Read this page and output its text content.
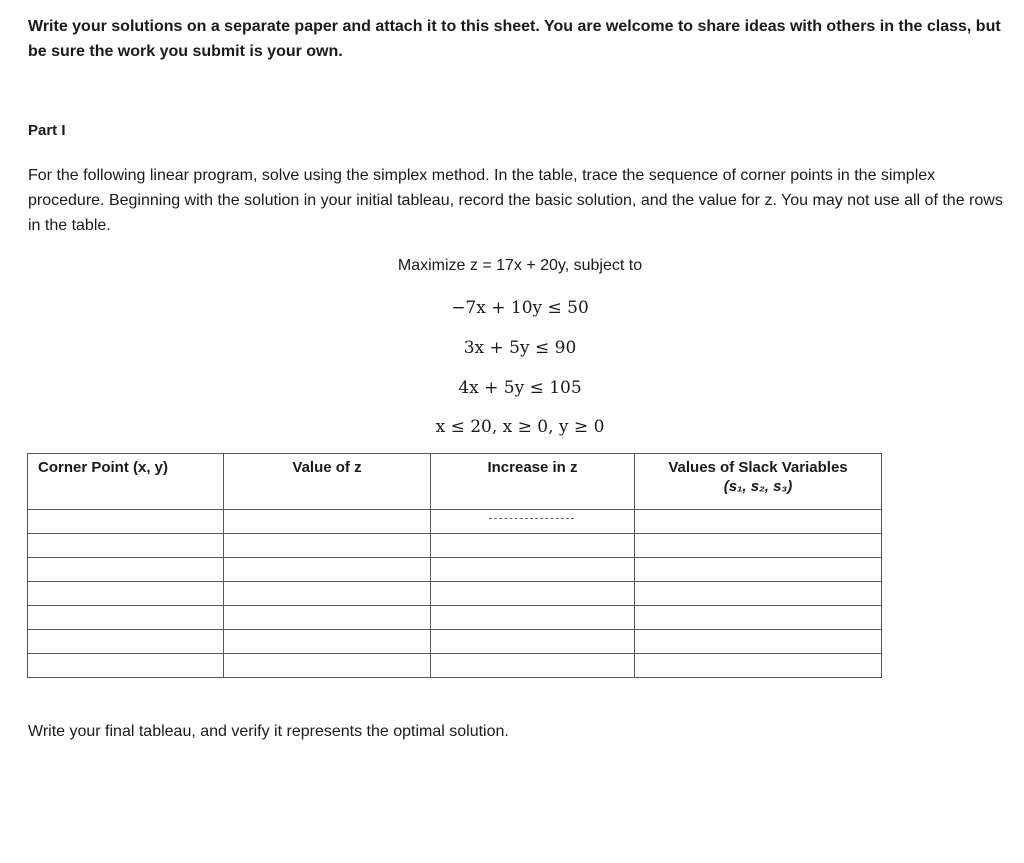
Write your solutions on a separate paper and attach it to this sheet. You are welcome to share ideas with others in the class, but be sure the work you submit is your own.

Part I

For the following linear program, solve using the simplex method. In the table, trace the sequence of corner points in the simplex procedure. Beginning with the solution in your initial tableau, record the basic solution, and the value for z. You may not use all of the rows in the table.

Maximize z = 17x + 20y, subject to

−7x + 10y ≤ 50

3x + 5y ≤ 90

4x + 5y ≤ 105

x ≤ 20, x ≥ 0, y ≥ 0

Corner Point (x, y)	Value of z	Increase in z	Values of Slack Variables
(s₁, s₂, s₃)

Write your final tableau, and verify it represents the optimal solution.
